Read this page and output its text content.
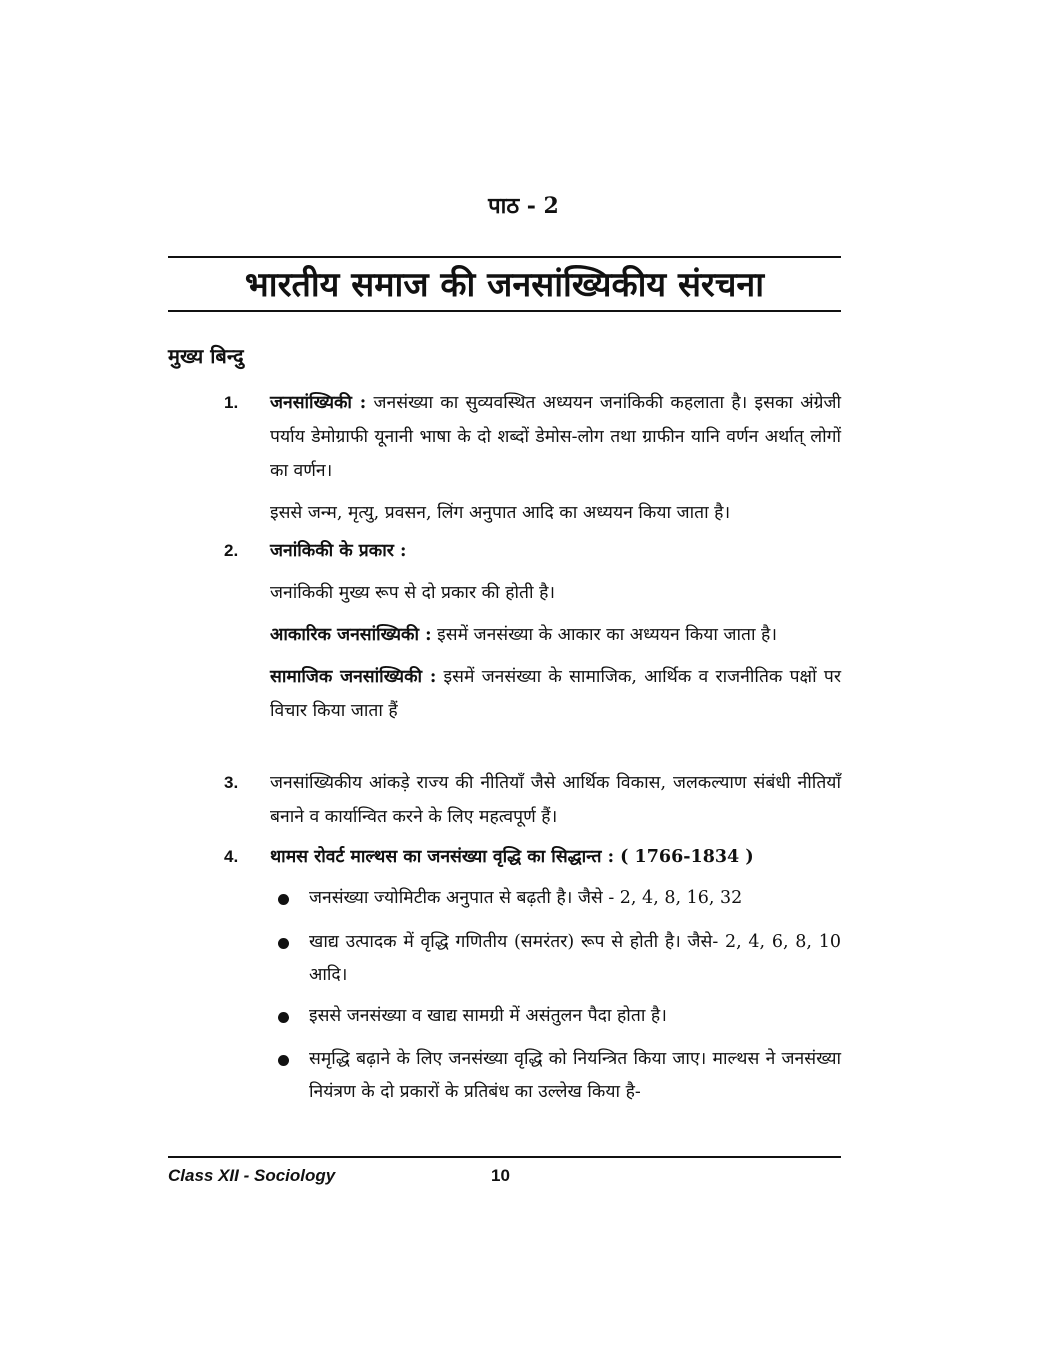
पाठ - 2
भारतीय समाज की जनसांख्यिकीय संरचना
मुख्य बिन्दु
1. जनसांख्यिकी : जनसंख्या का सुव्यवस्थित अध्ययन जनांकिकी कहलाता है। इसका अंग्रेजी पर्याय डेमोग्राफी यूनानी भाषा के दो शब्दों डेमोस-लोग तथा ग्राफीन यानि वर्णन अर्थात् लोगों का वर्णन।

इससे जन्म, मृत्यु, प्रवसन, लिंग अनुपात आदि का अध्ययन किया जाता है।

2. जनांकिकी के प्रकार :

जनांकिकी मुख्य रूप से दो प्रकार की होती है।

आकारिक जनसांख्यिकी : इसमें जनसंख्या के आकार का अध्ययन किया जाता है।

सामाजिक जनसांख्यिकी : इसमें जनसंख्या के सामाजिक, आर्थिक व राजनीतिक पक्षों पर विचार किया जाता हैं

3. जनसांख्यिकीय आंकड़े राज्य की नीतियाँ जैसे आर्थिक विकास, जलकल्याण संबंधी नीतियाँ बनाने व कार्यान्वित करने के लिए महत्वपूर्ण हैं।

4. थामस रोवर्ट माल्थस का जनसंख्या वृद्धि का सिद्धान्त : ( 1766-1834 )

जनसंख्या ज्योमिटीक अनुपात से बढ़ती है। जैसे - 2, 4, 8, 16, 32
खाद्य उत्पादक में वृद्धि गणितीय (समरंतर) रूप से होती है। जैसे- 2, 4, 6, 8, 10 आदि।
इससे जनसंख्या व खाद्य सामग्री में असंतुलन पैदा होता है।
समृद्धि बढ़ाने के लिए जनसंख्या वृद्धि को नियन्त्रित किया जाए। माल्थस ने जनसंख्या नियंत्रण के दो प्रकारों के प्रतिबंध का उल्लेख किया है-
Class XII - Sociology	10
